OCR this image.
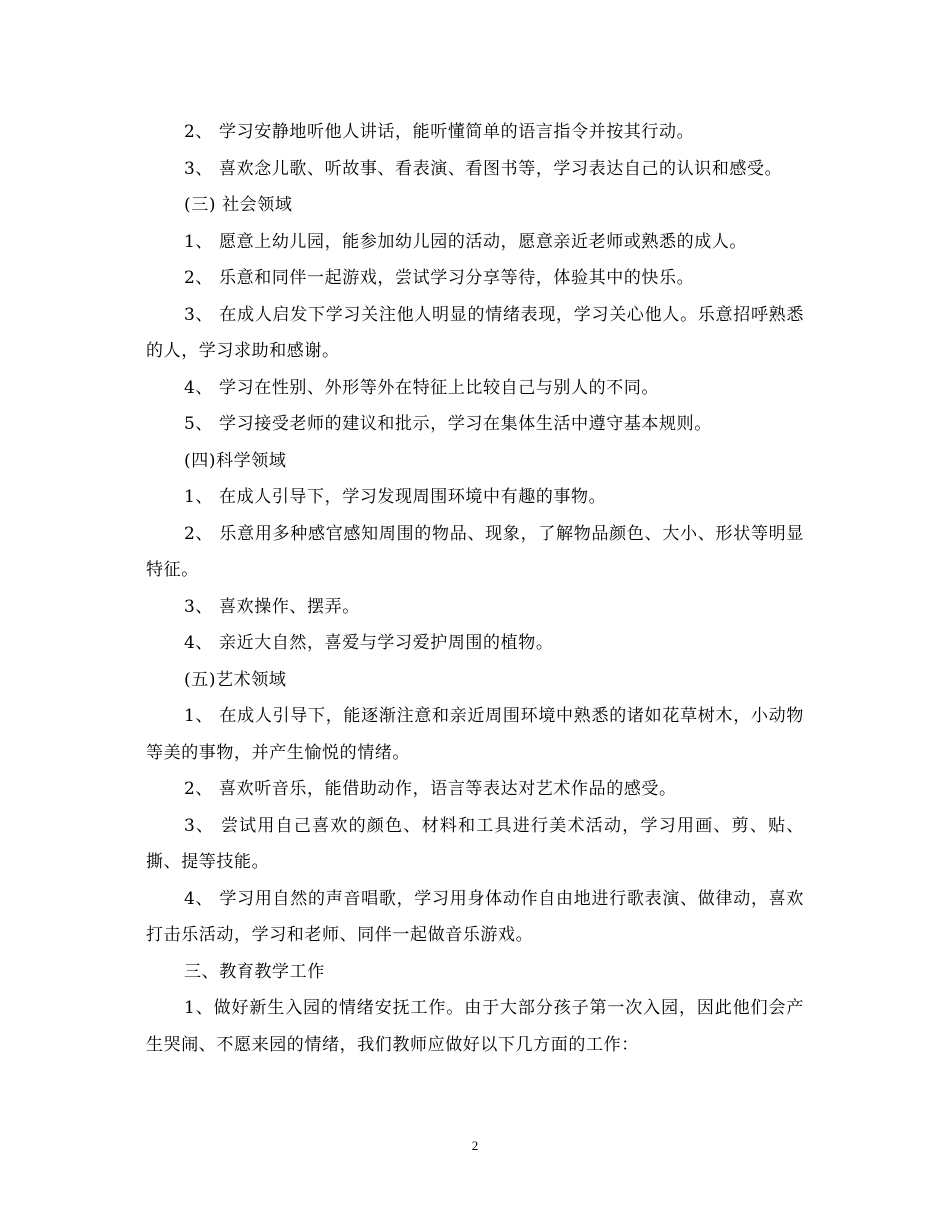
2、 学习安静地听他人讲话，能听懂简单的语言指令并按其行动。

3、 喜欢念儿歌、听故事、看表演、看图书等，学习表达自己的认识和感受。

(三) 社会领域

1、 愿意上幼儿园，能参加幼儿园的活动，愿意亲近老师或熟悉的成人。

2、 乐意和同伴一起游戏，尝试学习分享等待，体验其中的快乐。

3、 在成人启发下学习关注他人明显的情绪表现，学习关心他人。乐意招呼熟悉的人，学习求助和感谢。

4、 学习在性别、外形等外在特征上比较自己与别人的不同。

5、 学习接受老师的建议和批示，学习在集体生活中遵守基本规则。

(四)科学领域

1、 在成人引导下，学习发现周围环境中有趣的事物。

2、 乐意用多种感官感知周围的物品、现象，了解物品颜色、大小、形状等明显特征。

3、 喜欢操作、摆弄。

4、 亲近大自然，喜爱与学习爱护周围的植物。

(五)艺术领域

1、 在成人引导下，能逐渐注意和亲近周围环境中熟悉的诸如花草树木，小动物等美的事物，并产生愉悦的情绪。

2、 喜欢听音乐，能借助动作，语言等表达对艺术作品的感受。

3、 尝试用自己喜欢的颜色、材料和工具进行美术活动，学习用画、剪、贴、撕、提等技能。

4、 学习用自然的声音唱歌，学习用身体动作自由地进行歌表演、做律动，喜欢打击乐活动，学习和老师、同伴一起做音乐游戏。

三、教育教学工作

1、做好新生入园的情绪安抚工作。由于大部分孩子第一次入园，因此他们会产生哭闹、不愿来园的情绪，我们教师应做好以下几方面的工作：

2
